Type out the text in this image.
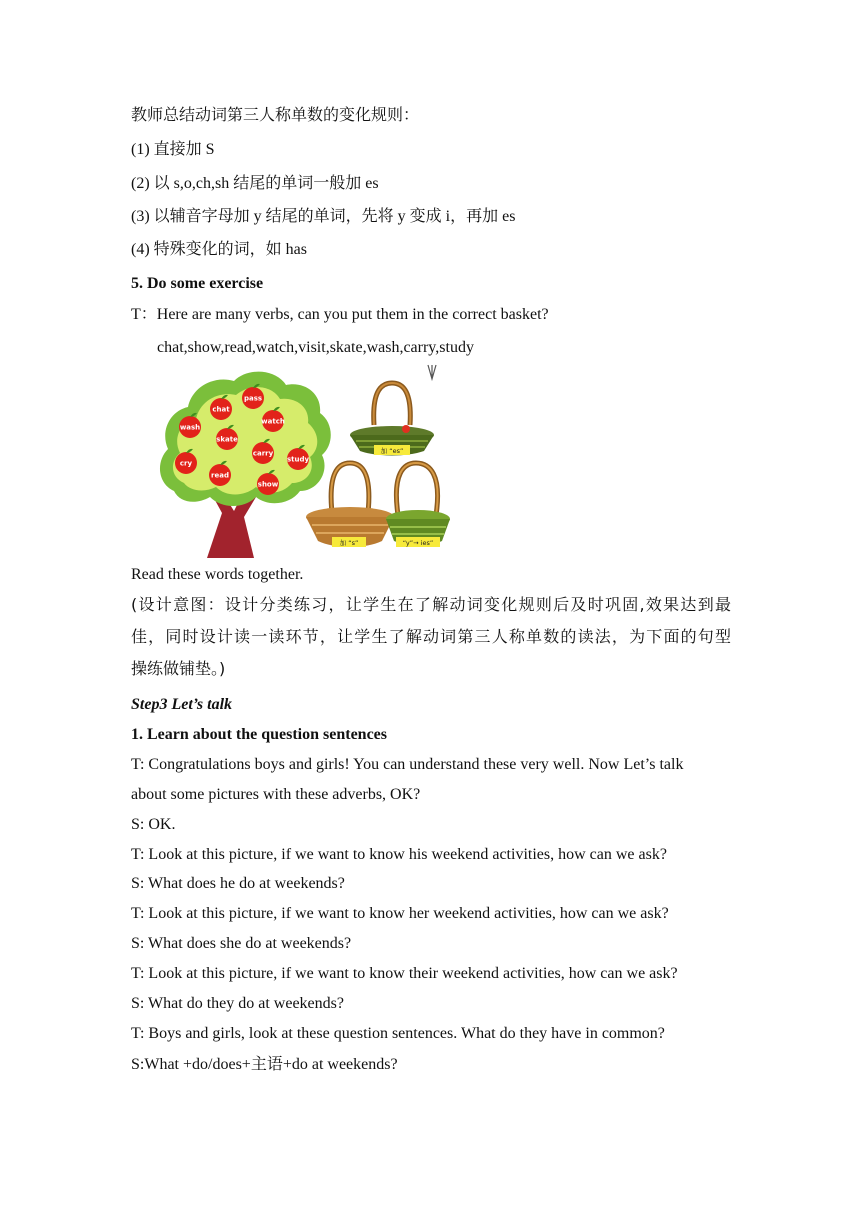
教师总结动词第三人称单数的变化规则：
(1) 直接加 S
(2) 以 s,o,ch,sh 结尾的单词一般加 es
(3) 以辅音字母加 y 结尾的单词，先将 y 变成 i，再加 es
(4) 特殊变化的词，如 has
5. Do some exercise
T：Here are many verbs, can you put them in the correct basket?
chat,show,read,watch,visit,skate,wash,carry,study
pass
chat
watch
wash
skate
carry
study
cry
read
show
加 “es”
加 “s”	“y”→ ies”
Read these words together.
(设计意图：设计分类练习，让学生在了解动词变化规则后及时巩固,效果达到最
佳，同时设计读一读环节，让学生了解动词第三人称单数的读法，为下面的句型
操练做铺垫。)
Step3 Let’s talk
1. Learn about the question sentences
T: Congratulations boys and girls! You can understand these very well. Now Let’s talk
about some pictures with these adverbs, OK?
S: OK.
T: Look at this picture, if we want to know his weekend activities, how can we ask?
S: What does he do at weekends?
T: Look at this picture, if we want to know her weekend activities, how can we ask?
S: What does she do at weekends?
T: Look at this picture, if we want to know their weekend activities, how can we ask?
S: What do they do at weekends?
T: Boys and girls, look at these question sentences. What do they have in common?
S:What +do/does+主语+do at weekends?
